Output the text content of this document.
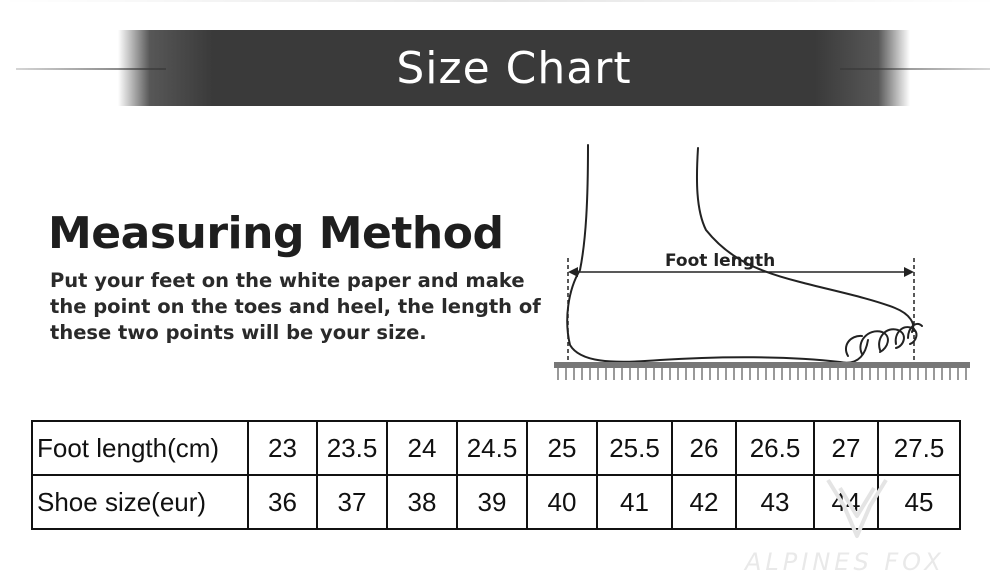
Size Chart
Measuring Method
Put your feet on the white paper and make
the point on the toes and heel, the length of
these two points will be your size.
Foot length
Foot length(cm)	23	23.5	24	24.5	25	25.5	26	26.5	27	27.5
Shoe size(eur)	36	37	38	39	40	41	42	43	44	45
ALPINES FOX
